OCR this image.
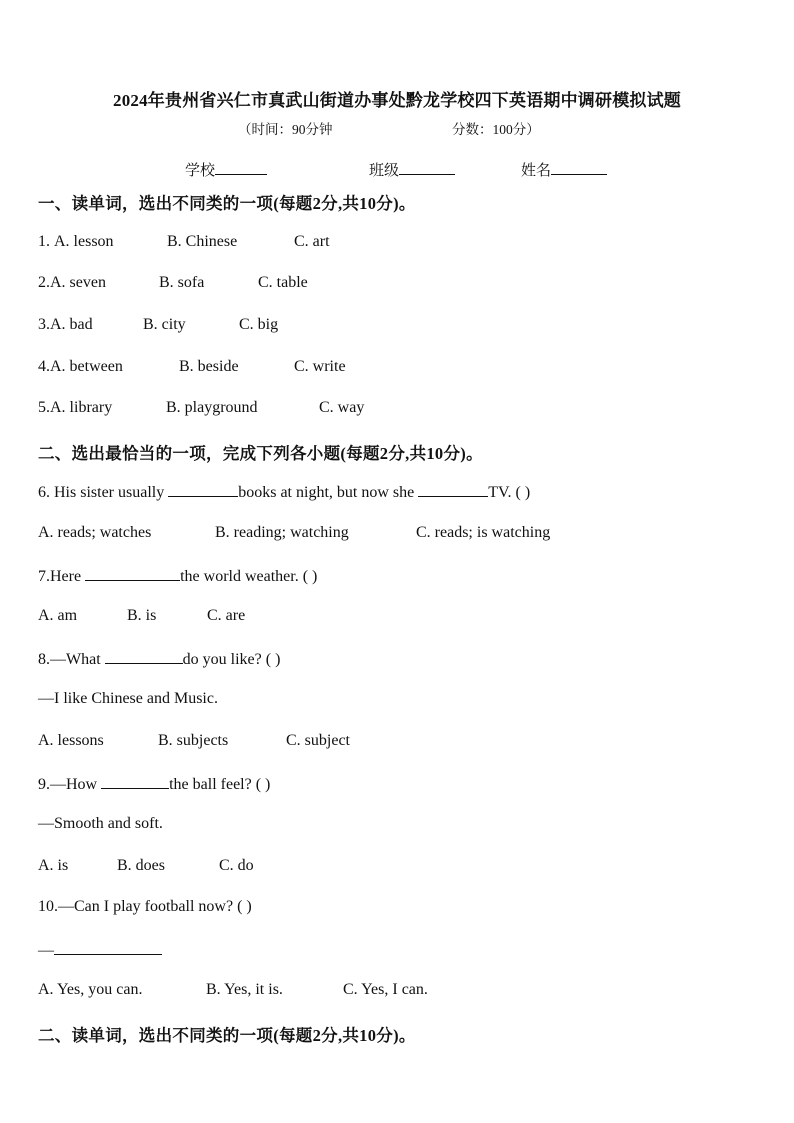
2024年贵州省兴仁市真武山街道办事处黔龙学校四下英语期中调研模拟试题
（时间：90分钟	分数：100分）
学校	班级	姓名
一、读单词，选出不同类的一项(每题2分,共10分)。
1. A. lesson	B. Chinese	C. art
2.A. seven	B. sofa	C. table
3.A. bad	B. city	C. big
4.A. between	B. beside	C. write
5.A. library	B. playground	C. way
二、选出最恰当的一项，完成下列各小题(每题2分,共10分)。
6. His sister usually	books at night, but now she	TV. ( )
A. reads; watches	B. reading; watching	C. reads; is watching
7.Here	the world weather. ( )
A. am	B. is	C. are
8.—What	do you like? ( )
—I like Chinese and Music.
A. lessons	B. subjects	C. subject
9.—How	the ball feel? ( )
—Smooth and soft.
A. is	B. does	C. do
10.—Can I play football now? ( )
—
A. Yes, you can.	B. Yes, it is.	C. Yes, I can.
二、读单词，选出不同类的一项(每题2分,共10分)。
